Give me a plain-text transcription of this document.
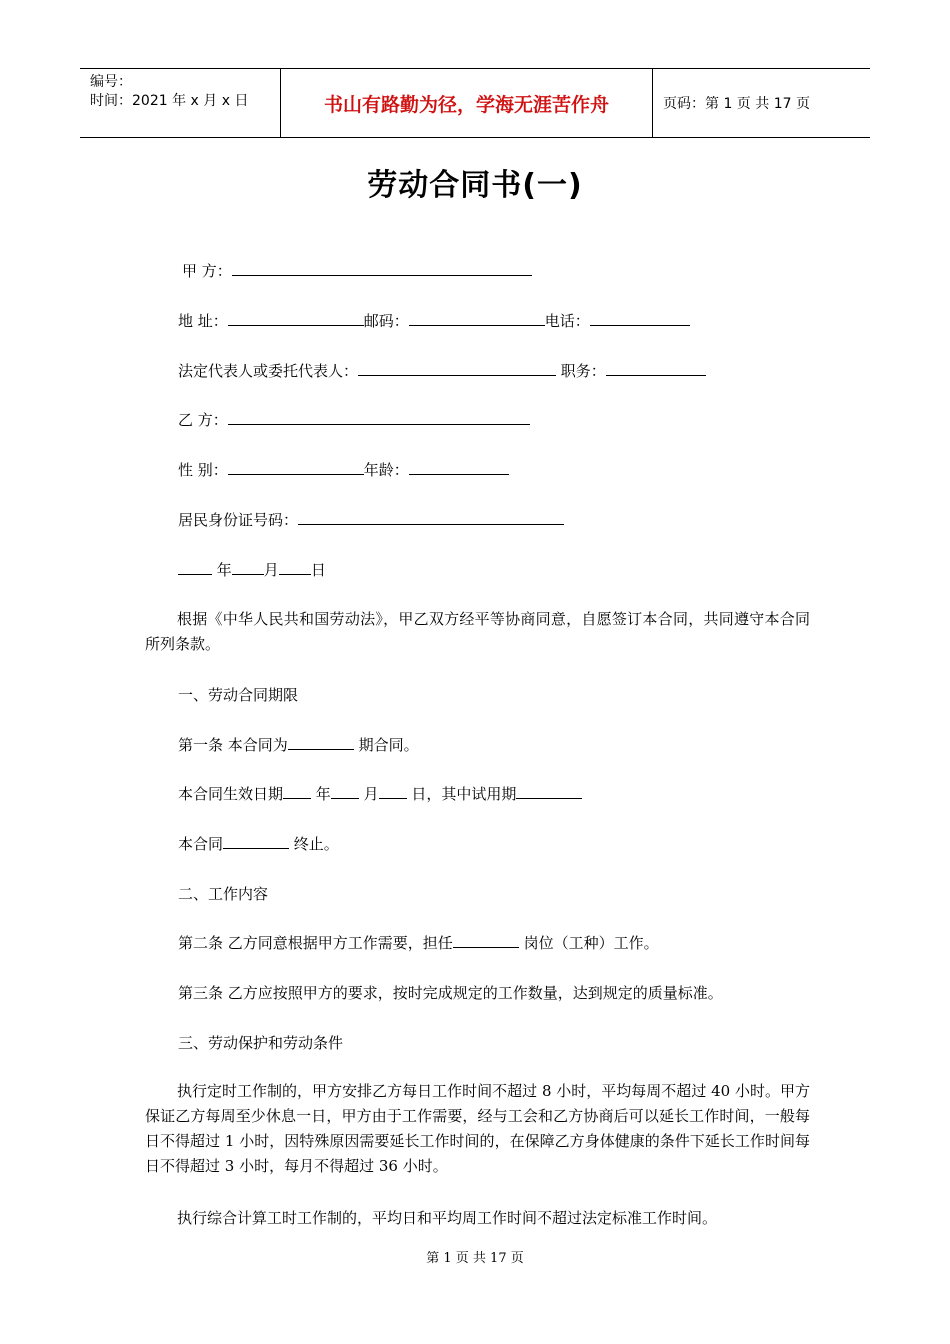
编号：
时间：2021 年 x 月 x 日	书山有路勤为径，学海无涯苦作舟	页码：第 1 页 共 17 页
劳动合同书(一)
甲 方：
地 址：	邮码：	电话：
法定代表人或委托代表人：	职务：
乙 方：
性 别：	年龄：
居民身份证号码：
年 月 日
根据《中华人民共和国劳动法》，甲乙双方经平等协商同意，自愿签订本合同，共同遵守本合同所列条款。
一、劳动合同期限
第一条 本合同为	期合同。
本合同生效日期 年 月 日，其中试用期
本合同	终止。
二、工作内容
第二条 乙方同意根据甲方工作需要，担任	岗位（工种）工作。
第三条 乙方应按照甲方的要求，按时完成规定的工作数量，达到规定的质量标准。
三、劳动保护和劳动条件
执行定时工作制的，甲方安排乙方每日工作时间不超过 8 小时，平均每周不超过 40 小时。甲方保证乙方每周至少休息一日，甲方由于工作需要，经与工会和乙方协商后可以延长工作时间，一般每日不得超过 1 小时，因特殊原因需要延长工作时间的，在保障乙方身体健康的条件下延长工作时间每日不得超过 3 小时，每月不得超过 36 小时。
执行综合计算工时工作制的，平均日和平均周工作时间不超过法定标准工作时间。
第 1 页 共 17 页
